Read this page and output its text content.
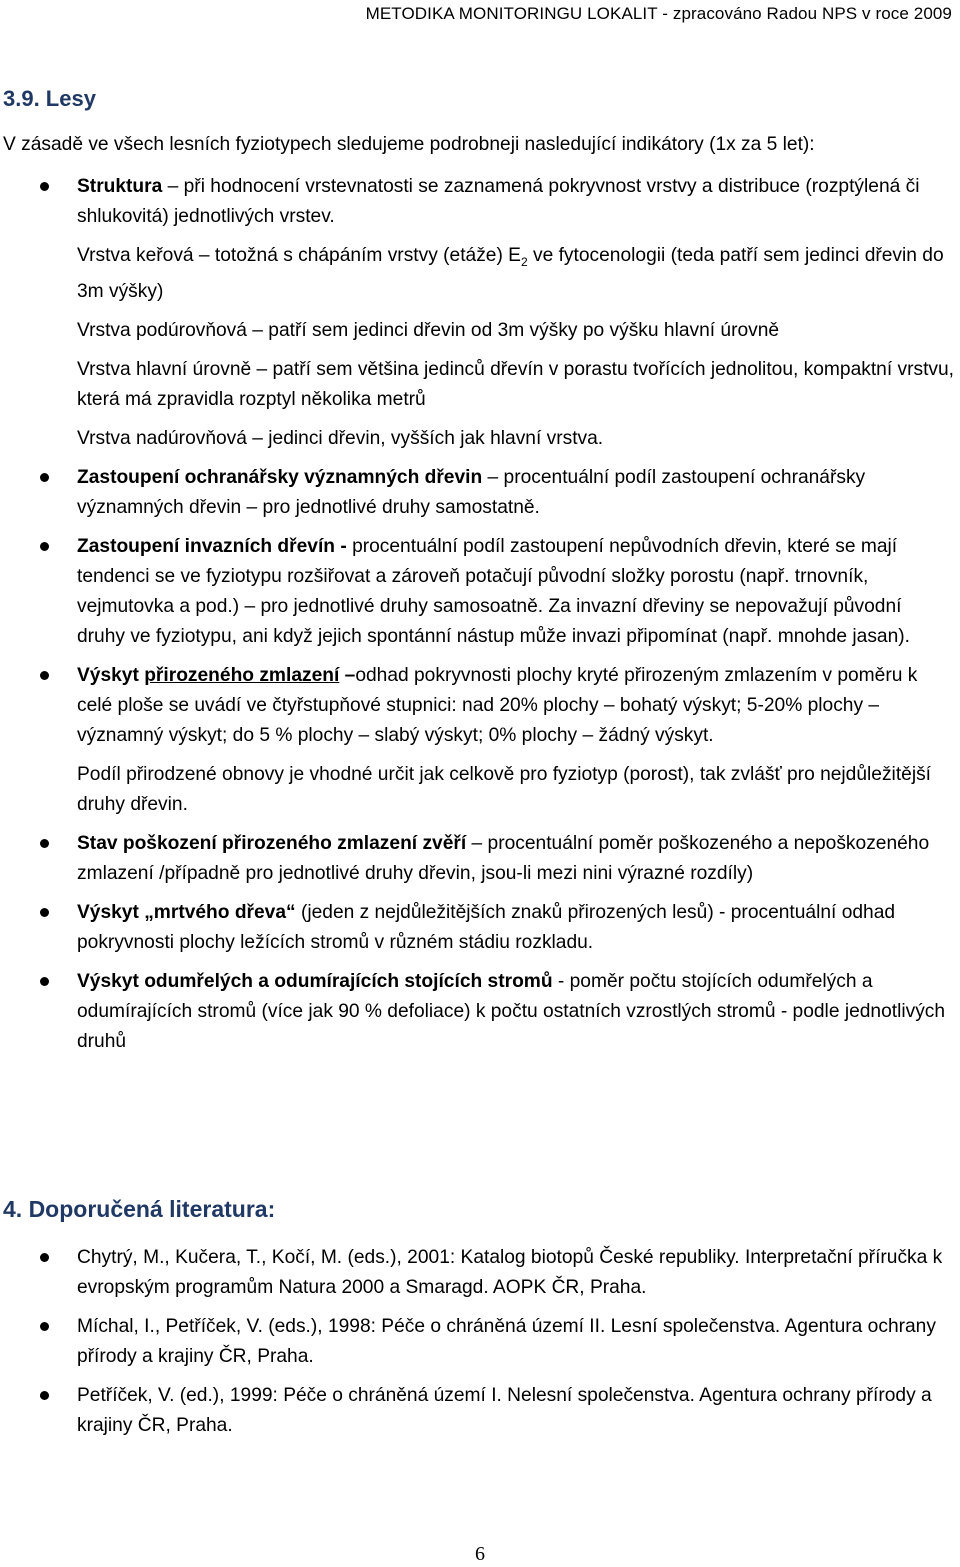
METODIKA MONITORINGU LOKALIT - zpracováno Radou NPS v roce 2009
3.9. Lesy
V zásadě ve všech lesních fyziotypech sledujeme podrobneji nasledující indikátory (1x za 5 let):
Struktura – při hodnocení vrstevnatosti se zaznamená pokryvnost vrstvy a distribuce (rozptýlená či shlukovitá) jednotlivých vrstev.
Vrstva keřová – totožná s chápáním vrstvy (etáže) $E_2$ ve fytocenologii (teda patří sem jedinci dřevin do 3m výšky)
Vrstva podúrovňová – patří sem jedinci dřevin od 3m výšky po výšku hlavní úrovně
Vrstva hlavní úrovně – patří sem většina jedinců dřevín v porastu tvořících jednolitou, kompaktní vrstvu, která má zpravidla rozptyl několika metrů
Vrstva nadúrovňová – jedinci dřevin, vyšších jak hlavní vrstva.
Zastoupení ochranářsky významných dřevin – procentuální podíl zastoupení ochranářsky významných dřevin – pro jednotlivé druhy samostatně.
Zastoupení invazních dřevín - procentuální podíl zastoupení nepůvodních dřevin, které se mají tendenci se ve fyziotypu rozšiřovat a zároveň potačují původní složky porostu (např. trnovník, vejmutovka a pod.) – pro jednotlivé druhy samosoatně. Za invazní dřeviny se nepovažují původní druhy ve fyziotypu, ani když jejich spontánní nástup může invazi připomínat (např. mnohde jasan).
Výskyt přirozeného zmlazení –odhad pokryvnosti plochy kryté přirozeným zmlazením v poměru k celé ploše se uvádí ve čtyřstupňové stupnici: nad 20% plochy – bohatý výskyt; 5-20% plochy – významný výskyt; do 5 % plochy – slabý výskyt; 0% plochy – žádný výskyt.
Podíl přirodzené obnovy je vhodné určit jak celkově pro fyziotyp (porost), tak zvlášť pro nejdůležitější druhy dřevin.
Stav poškození přirozeného zmlazení zvěří – procentuální poměr poškozeného a nepoškozeného zmlazení /případně pro jednotlivé druhy dřevin, jsou-li mezi nini výrazné rozdíly)
Výskyt „mrtvého dřeva“ (jeden z nejdůležitějších znaků přirozených lesů) - procentuální odhad pokryvnosti plochy ležících stromů v různém stádiu rozkladu.
Výskyt odumřelých a odumírajících stojících stromů - poměr počtu stojících odumřelých a odumírajících stromů (více jak 90 % defoliace) k počtu ostatních vzrostlých stromů - podle jednotlivých druhů
4. Doporučená literatura:
Chytrý, M., Kučera, T., Kočí, M. (eds.), 2001: Katalog biotopů České republiky. Interpretační příručka k evropským programům Natura 2000 a Smaragd. AOPK ČR, Praha.
Míchal, I., Petříček, V. (eds.), 1998: Péče o chráněná území II. Lesní společenstva. Agentura ochrany přírody a krajiny ČR, Praha.
Petříček, V. (ed.), 1999: Péče o chráněná území I. Nelesní společenstva. Agentura ochrany přírody a krajiny ČR, Praha.
6
